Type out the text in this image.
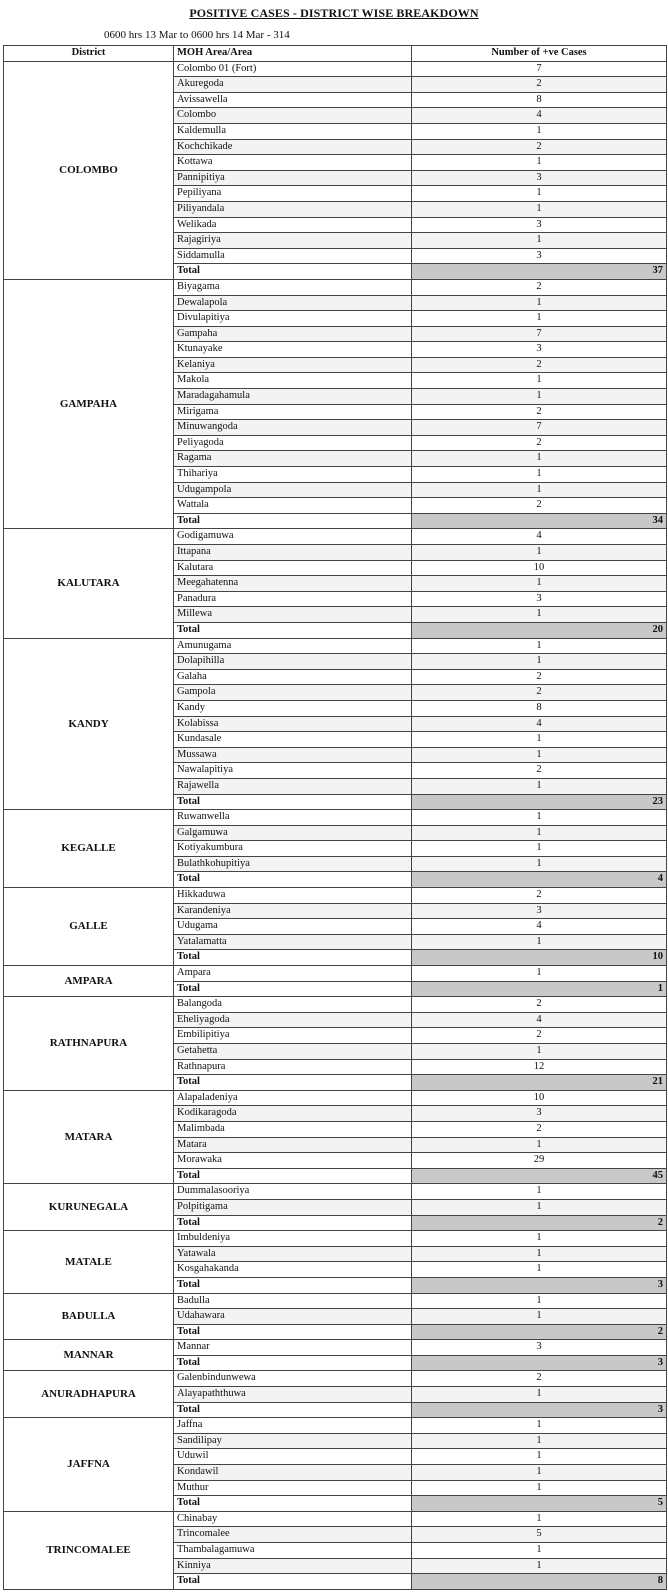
POSITIVE CASES - DISTRICT WISE BREAKDOWN
0600 hrs 13 Mar to 0600 hrs 14 Mar - 314
District	MOH Area/Area	Number of +ve Cases
COLOMBO	Colombo 01 (Fort)	7
	Akuregoda	2
	Avissawella	8
	Colombo	4
	Kaldemulla	1
	Kochchikade	2
	Kottawa	1
	Pannipitiya	3
	Pepiliyana	1
	Piliyandala	1
	Welikada	3
	Rajagiriya	1
	Siddamulla	3
	Total	37
GAMPAHA	Biyagama	2
	Dewalapola	1
	Divulapitiya	1
	Gampaha	7
	Ktunayake	3
	Kelaniya	2
	Makola	1
	Maradagahamula	1
	Mirigama	2
	Minuwangoda	7
	Peliyagoda	2
	Ragama	1
	Thihariya	1
	Udugampola	1
	Wattala	2
	Total	34
KALUTARA	Godigamuwa	4
	Ittapana	1
	Kalutara	10
	Meegahatenna	1
	Panadura	3
	Millewa	1
	Total	20
KANDY	Amunugama	1
	Dolapihilla	1
	Galaha	2
	Gampola	2
	Kandy	8
	Kolabissa	4
	Kundasale	1
	Mussawa	1
	Nawalapitiya	2
	Rajawella	1
	Total	23
KEGALLE	Ruwanwella	1
	Galgamuwa	1
	Kotiyakumbura	1
	Bulathkohupitiya	1
	Total	4
GALLE	Hikkaduwa	2
	Karandeniya	3
	Udugama	4
	Yatalamatta	1
	Total	10
AMPARA	Ampara	1
	Total	1
RATHNAPURA	Balangoda	2
	Eheliyagoda	4
	Embilipitiya	2
	Getahetta	1
	Rathnapura	12
	Total	21
MATARA	Alapaladeniya	10
	Kodikaragoda	3
	Malimbada	2
	Matara	1
	Morawaka	29
	Total	45
KURUNEGALA	Dummalasooriya	1
	Polpitigama	1
	Total	2
MATALE	Imbuldeniya	1
	Yatawala	1
	Kosgahakanda	1
	Total	3
BADULLA	Badulla	1
	Udahawara	1
	Total	2
MANNAR	Mannar	3
	Total	3
ANURADHAPURA	Galenbindunwewa	2
	Alayapaththuwa	1
	Total	3
JAFFNA	Jaffna	1
	Sandilipay	1
	Uduwil	1
	Kondawil	1
	Muthur	1
	Total	5
TRINCOMALEE	Chinabay	1
	Trincomalee	5
	Thambalagamuwa	1
	Kinniya	1
	Total	8
